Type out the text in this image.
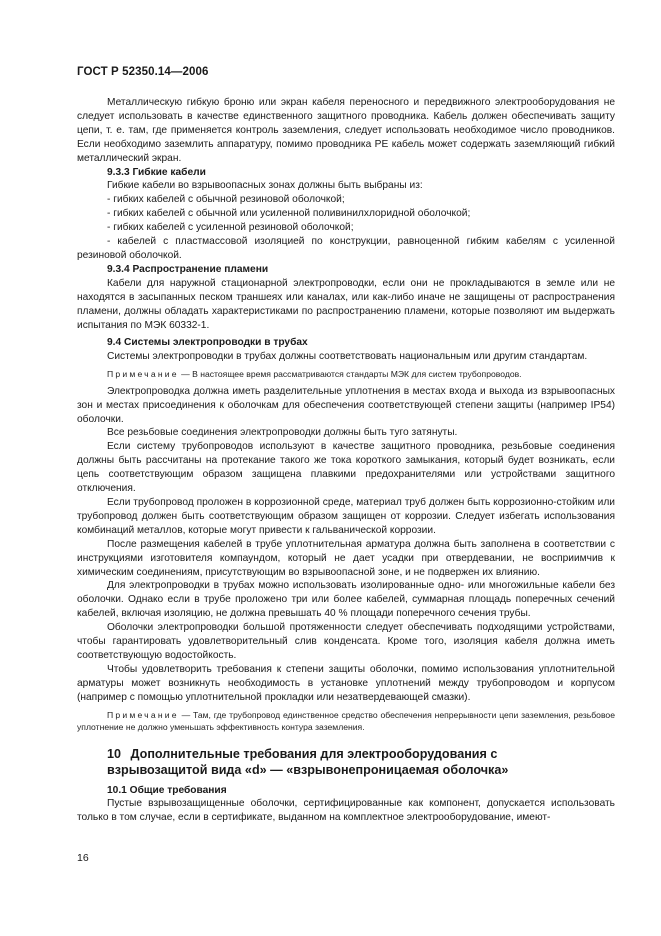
ГОСТ Р 52350.14—2006

Металлическую гибкую броню или экран кабеля переносного и передвижного электрооборудования не следует использовать в качестве единственного защитного проводника. Кабель должен обеспечивать защиту цепи, т. е. там, где применяется контроль заземления, следует использовать необходимое число проводников. Если необходимо заземлить аппаратуру, помимо проводника PE кабель может содержать заземляющий гибкий металлический экран.

9.3.3 Гибкие кабели

Гибкие кабели во взрывоопасных зонах должны быть выбраны из:

- гибких кабелей с обычной резиновой оболочкой;

- гибких кабелей с обычной или усиленной поливинилхлоридной оболочкой;

- гибких кабелей с усиленной резиновой оболочкой;

- кабелей с пластмассовой изоляцией по конструкции, равноценной гибким кабелям с усиленной резиновой оболочкой.

9.3.4 Распространение пламени

Кабели для наружной стационарной электропроводки, если они не прокладываются в земле или не находятся в засыпанных песком траншеях или каналах, или как-либо иначе не защищены от распространения пламени, должны обладать характеристиками по распространению пламени, которые позволяют им выдержать испытания по МЭК 60332-1.

9.4 Системы электропроводки в трубах

Системы электропроводки в трубах должны соответствовать национальным или другим стандартам.

Примечание — В настоящее время рассматриваются стандарты МЭК для систем трубопроводов.

Электропроводка должна иметь разделительные уплотнения в местах входа и выхода из взрывоопасных зон и местах присоединения к оболочкам для обеспечения соответствующей степени защиты (например IP54) оболочки.

Все резьбовые соединения электропроводки должны быть туго затянуты.

Если систему трубопроводов используют в качестве защитного проводника, резьбовые соединения должны быть рассчитаны на протекание такого же тока короткого замыкания, который будет возникать, если цепь соответствующим образом защищена плавкими предохранителями или устройствами защитного отключения.

Если трубопровод проложен в коррозионной среде, материал труб должен быть коррозионно-стойким или трубопровод должен быть соответствующим образом защищен от коррозии. Следует избегать использования комбинаций металлов, которые могут привести к гальванической коррозии.

После размещения кабелей в трубе уплотнительная арматура должна быть заполнена в соответствии с инструкциями изготовителя компаундом, который не дает усадки при отвердевании, не восприимчив к химическим соединениям, присутствующим во взрывоопасной зоне, и не подвержен их влиянию.

Для электропроводки в трубах можно использовать изолированные одно- или многожильные кабели без оболочки. Однако если в трубе проложено три или более кабелей, суммарная площадь поперечных сечений кабелей, включая изоляцию, не должна превышать 40 % площади поперечного сечения трубы.

Оболочки электропроводки большой протяженности следует обеспечивать подходящими устройствами, чтобы гарантировать удовлетворительный слив конденсата. Кроме того, изоляция кабеля должна иметь соответствующую водостойкость.

Чтобы удовлетворить требования к степени защиты оболочки, помимо использования уплотнительной арматуры может возникнуть необходимость в установке уплотнений между трубопроводом и корпусом (например с помощью уплотнительной прокладки или незатвердевающей смазки).

Примечание — Там, где трубопровод единственное средство обеспечения непрерывности цепи заземления, резьбовое уплотнение не должно уменьшать эффективность контура заземления.

10 Дополнительные требования для электрооборудования с
взрывозащитой вида «d» — «взрывонепроницаемая оболочка»

10.1 Общие требования

Пустые взрывозащищенные оболочки, сертифицированные как компонент, допускается использовать только в том случае, если в сертификате, выданном на комплектное электрооборудование, имеют-

16
